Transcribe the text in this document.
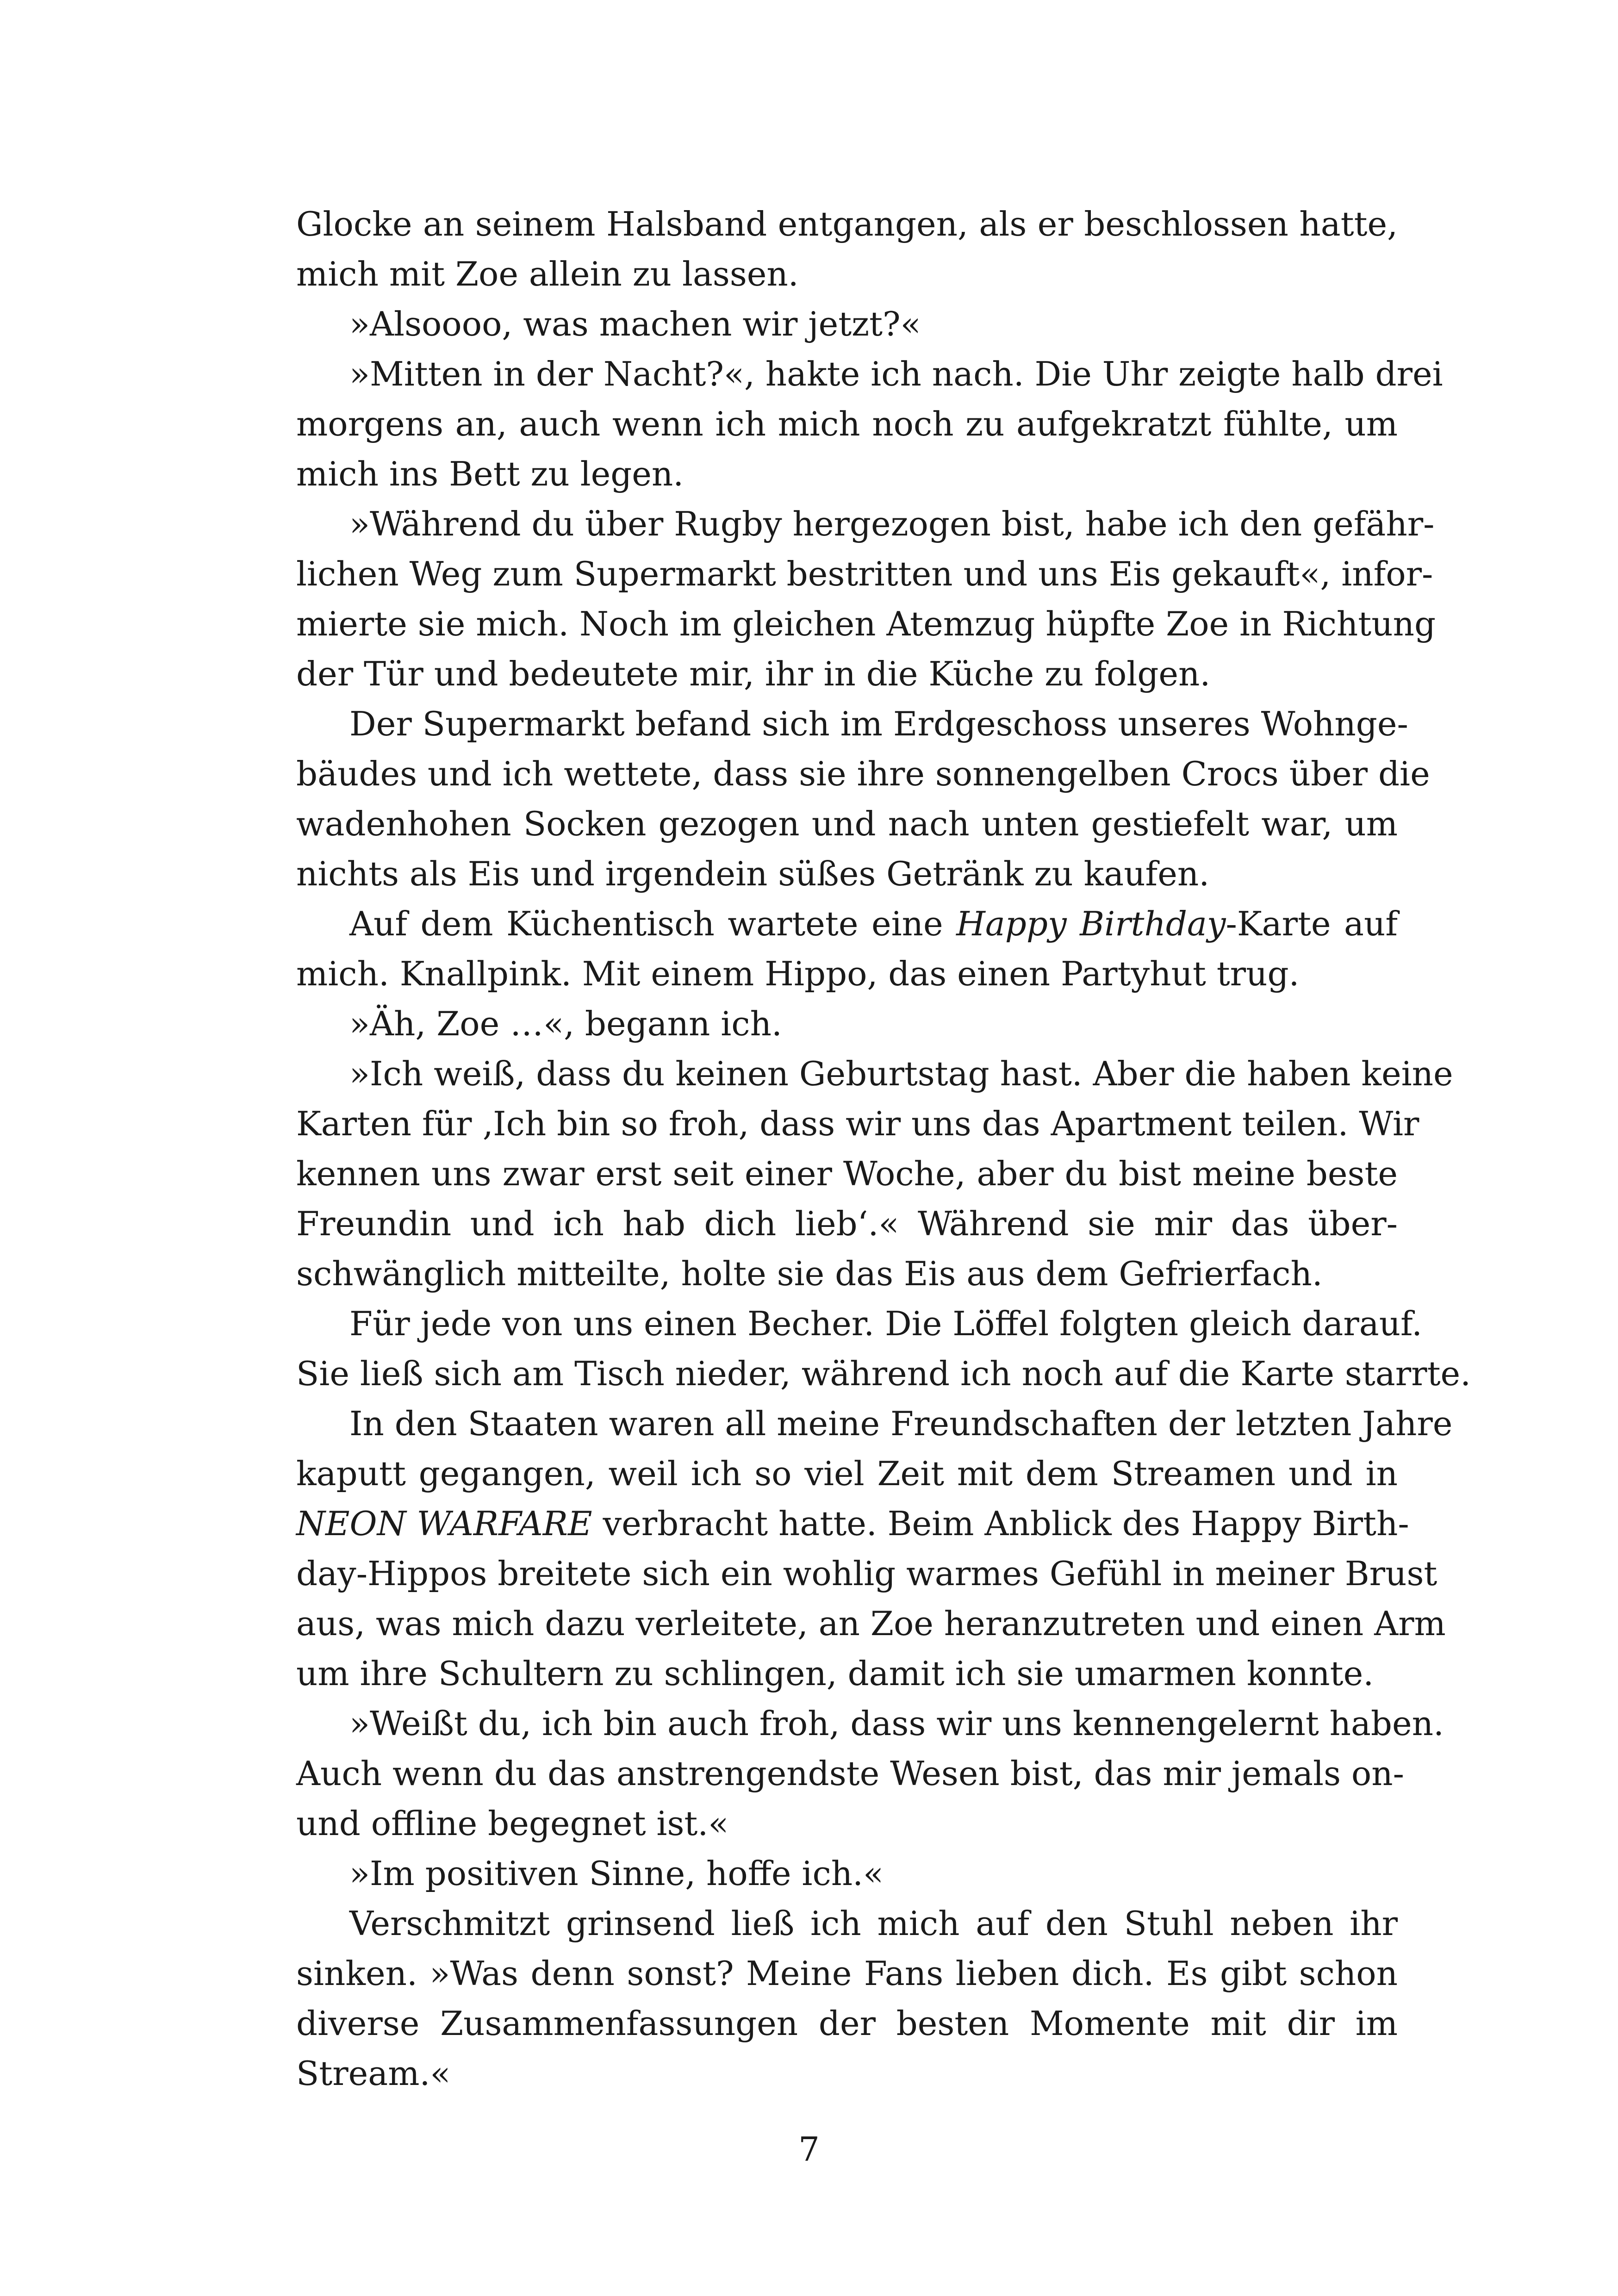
Glocke an seinem Halsband entgangen, als er beschlossen hatte,
mich mit Zoe allein zu lassen.
»Alsoooo, was machen wir jetzt?«
»Mitten in der Nacht?«, hakte ich nach. Die Uhr zeigte halb drei
morgens an, auch wenn ich mich noch zu aufgekratzt fühlte, um
mich ins Bett zu legen.
»Während du über Rugby hergezogen bist, habe ich den gefähr-
lichen Weg zum Supermarkt bestritten und uns Eis gekauft«, infor-
mierte sie mich. Noch im gleichen Atemzug hüpfte Zoe in Richtung
der Tür und bedeutete mir, ihr in die Küche zu folgen.
Der Supermarkt befand sich im Erdgeschoss unseres Wohnge-
bäudes und ich wettete, dass sie ihre sonnengelben Crocs über die
wadenhohen Socken gezogen und nach unten gestiefelt war, um
nichts als Eis und irgendein süßes Getränk zu kaufen.
Auf dem Küchentisch wartete eine Happy Birthday-Karte auf
mich. Knallpink. Mit einem Hippo, das einen Partyhut trug.
»Äh, Zoe …«, begann ich.
»Ich weiß, dass du keinen Geburtstag hast. Aber die haben keine
Karten für ‚Ich bin so froh, dass wir uns das Apartment teilen. Wir
kennen uns zwar erst seit einer Woche, aber du bist meine beste
Freundin und ich hab dich lieb‘.« Während sie mir das über-
schwänglich mitteilte, holte sie das Eis aus dem Gefrierfach.
Für jede von uns einen Becher. Die Löffel folgten gleich darauf.
Sie ließ sich am Tisch nieder, während ich noch auf die Karte starrte.
In den Staaten waren all meine Freundschaften der letzten Jahre
kaputt gegangen, weil ich so viel Zeit mit dem Streamen und in
NEON WARFARE verbracht hatte. Beim Anblick des Happy Birth-
day-Hippos breitete sich ein wohlig warmes Gefühl in meiner Brust
aus, was mich dazu verleitete, an Zoe heranzutreten und einen Arm
um ihre Schultern zu schlingen, damit ich sie umarmen konnte.
»Weißt du, ich bin auch froh, dass wir uns kennengelernt haben.
Auch wenn du das anstrengendste Wesen bist, das mir jemals on-
und offline begegnet ist.«
»Im positiven Sinne, hoffe ich.«
Verschmitzt grinsend ließ ich mich auf den Stuhl neben ihr
sinken. »Was denn sonst? Meine Fans lieben dich. Es gibt schon
diverse Zusammenfassungen der besten Momente mit dir im
Stream.«
7
